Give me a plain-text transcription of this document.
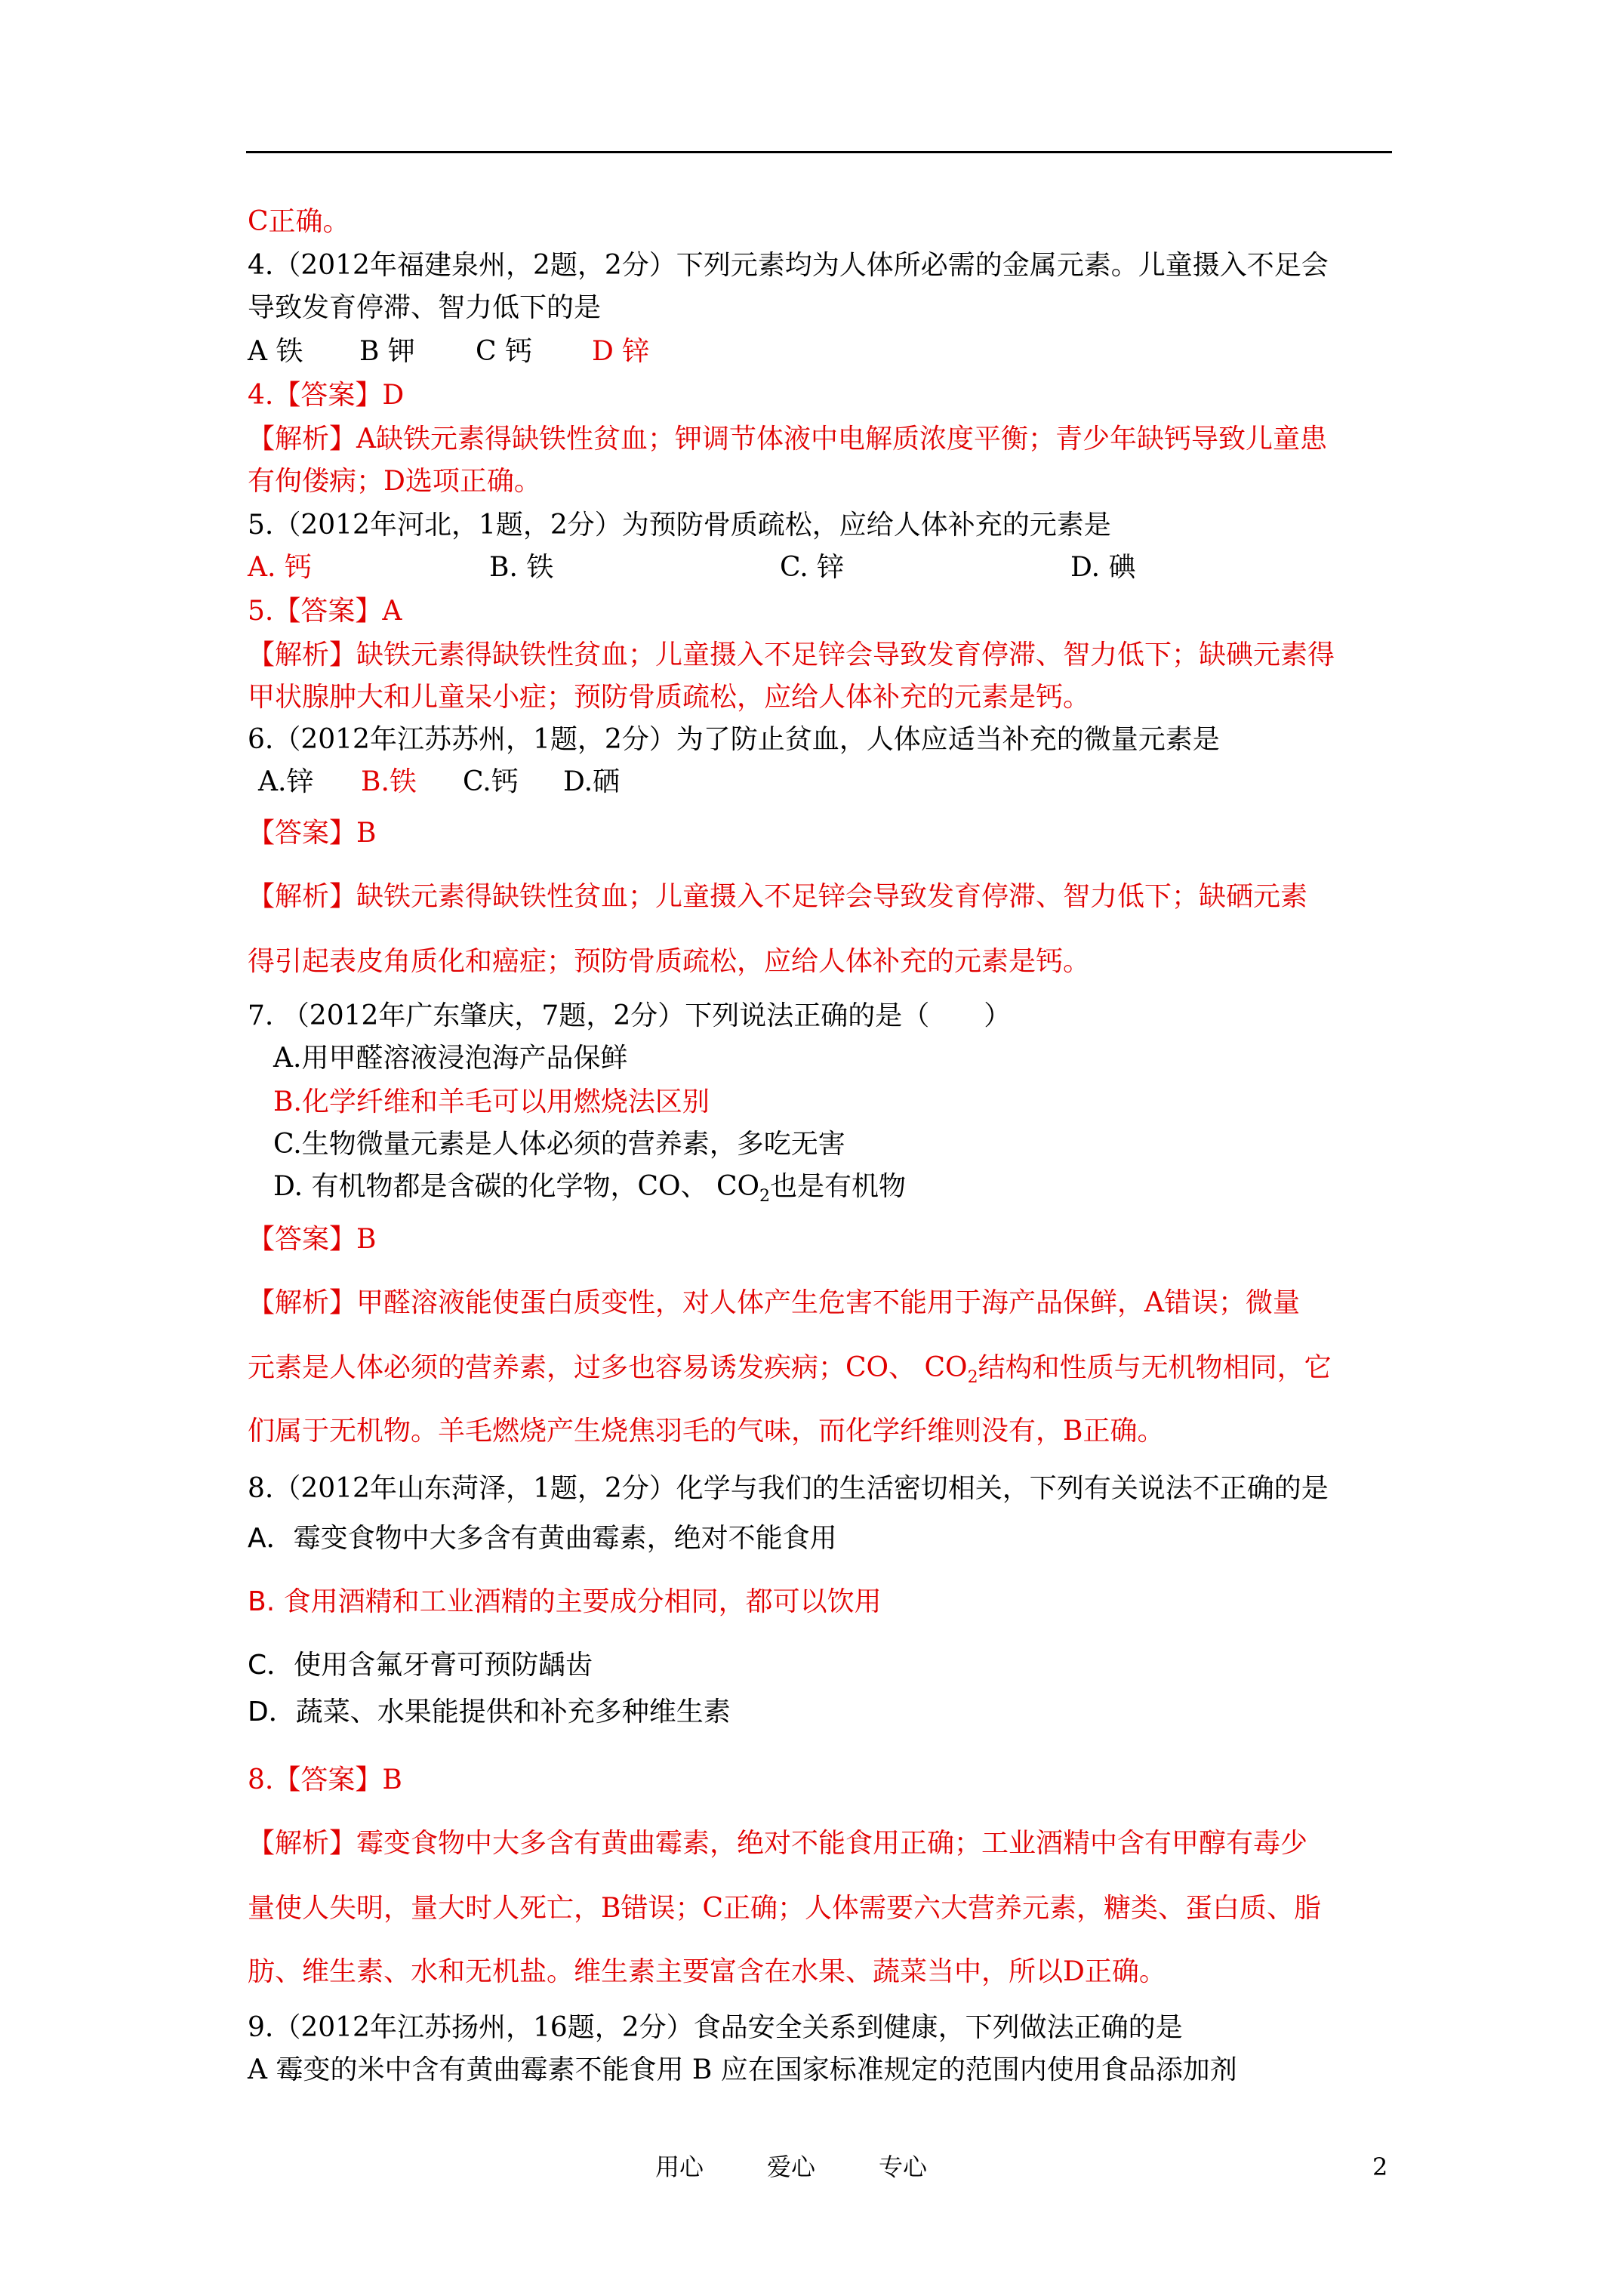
C正确。
4.（2012年福建泉州，2题，2分）下列元素均为人体所必需的金属元素。儿童摄入不足会
导致发育停滞、智力低下的是
A 铁 B 钾 C 钙 D 锌
4.【答案】D
【解析】A缺铁元素得缺铁性贫血；钾调节体液中电解质浓度平衡；青少年缺钙导致儿童患
有佝偻病；D选项正确。
5.（2012年河北，1题，2分）为预防骨质疏松，应给人体补充的元素是
A. 钙	B. 铁	C. 锌	D. 碘
5.【答案】A
【解析】缺铁元素得缺铁性贫血；儿童摄入不足锌会导致发育停滞、智力低下；缺碘元素得
甲状腺肿大和儿童呆小症；预防骨质疏松，应给人体补充的元素是钙。
6.（2012年江苏苏州，1题，2分）为了防止贫血，人体应适当补充的微量元素是
A.锌 B.铁 C.钙 D.硒
【答案】B
【解析】缺铁元素得缺铁性贫血；儿童摄入不足锌会导致发育停滞、智力低下；缺硒元素
得引起表皮角质化和癌症；预防骨质疏松，应给人体补充的元素是钙。
7. （2012年广东肇庆，7题，2分）下列说法正确的是（　　）
A.用甲醛溶液浸泡海产品保鲜
B.化学纤维和羊毛可以用燃烧法区别
C.生物微量元素是人体必须的营养素，多吃无害
D. 有机物都是含碳的化学物，CO、 $CO_2$也是有机物
【答案】B
【解析】甲醛溶液能使蛋白质变性，对人体产生危害不能用于海产品保鲜，A错误；微量
元素是人体必须的营养素，过多也容易诱发疾病；CO、 $CO_2$结构和性质与无机物相同，它
们属于无机物。羊毛燃烧产生烧焦羽毛的气味，而化学纤维则没有，B正确。
8.（2012年山东菏泽，1题，2分）化学与我们的生活密切相关，下列有关说法不正确的是
A．霉变食物中大多含有黄曲霉素，绝对不能食用
B. 食用酒精和工业酒精的主要成分相同，都可以饮用
C．使用含氟牙膏可预防龋齿
D．蔬菜、水果能提供和补充多种维生素
8.【答案】B
【解析】霉变食物中大多含有黄曲霉素，绝对不能食用正确；工业酒精中含有甲醇有毒少
量使人失明，量大时人死亡，B错误；C正确；人体需要六大营养元素，糖类、蛋白质、脂
肪、维生素、水和无机盐。维生素主要富含在水果、蔬菜当中，所以D正确。
9.（2012年江苏扬州，16题，2分）食品安全关系到健康，下列做法正确的是
A 霉变的米中含有黄曲霉素不能食用 B 应在国家标准规定的范围内使用食品添加剂
用心	爱心	专心	2
